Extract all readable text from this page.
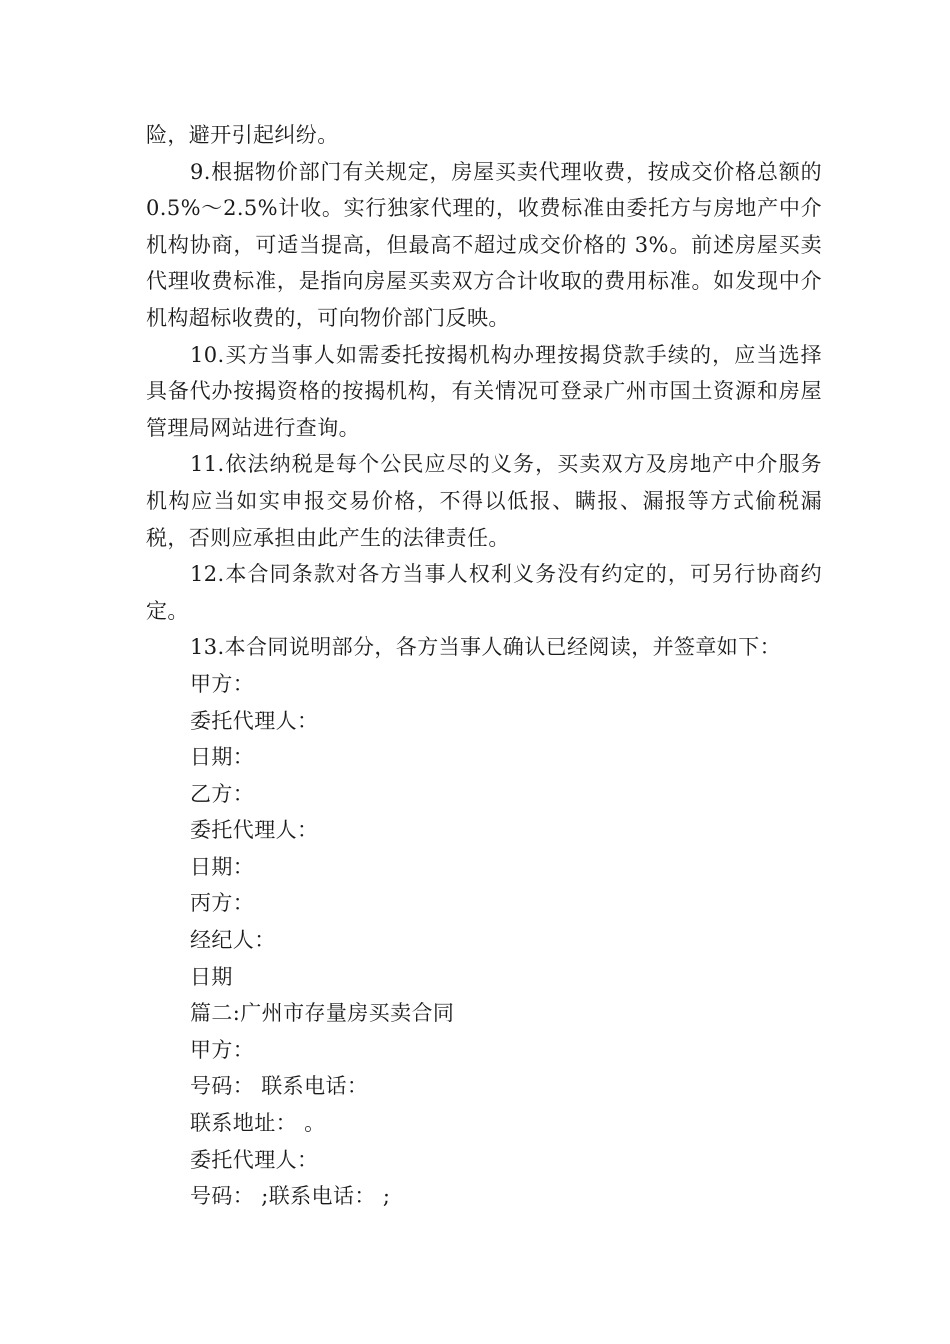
险，避开引起纠纷。

9.根据物价部门有关规定，房屋买卖代理收费，按成交价格总额的 0.5%～2.5%计收。实行独家代理的，收费标准由委托方与房地产中介机构协商，可适当提高，但最高不超过成交价格的 3%。前述房屋买卖代理收费标准，是指向房屋买卖双方合计收取的费用标准。如发现中介机构超标收费的，可向物价部门反映。

10.买方当事人如需委托按揭机构办理按揭贷款手续的，应当选择具备代办按揭资格的按揭机构，有关情况可登录广州市国土资源和房屋管理局网站进行查询。

11.依法纳税是每个公民应尽的义务，买卖双方及房地产中介服务机构应当如实申报交易价格，不得以低报、瞒报、漏报等方式偷税漏税，否则应承担由此产生的法律责任。

12.本合同条款对各方当事人权利义务没有约定的，可另行协商约定。

13.本合同说明部分，各方当事人确认已经阅读，并签章如下：

甲方：

委托代理人：

日期：

乙方：

委托代理人：

日期：

丙方：

经纪人：

日期

篇二:广州市存量房买卖合同

甲方：

号码： 联系电话：

联系地址： 。

委托代理人：

号码： ;联系电话： ;
